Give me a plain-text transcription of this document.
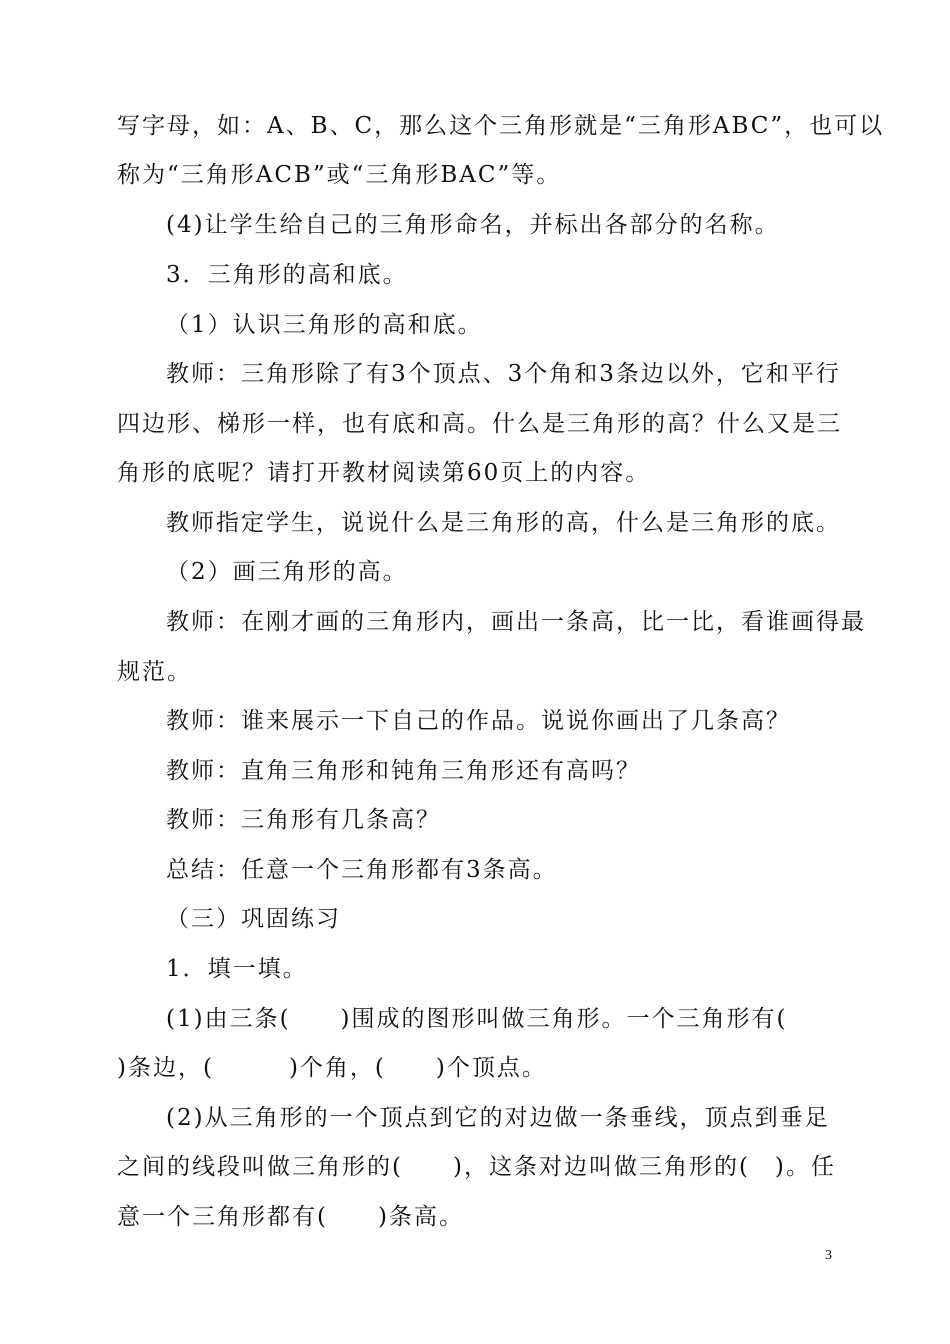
写字母，如：A、B、C，那么这个三角形就是“三角形ABC”，也可以
称为“三角形ACB”或“三角形BAC”等。
(4)让学生给自己的三角形命名，并标出各部分的名称。
3．三角形的高和底。
（1）认识三角形的高和底。
教师：三角形除了有3个顶点、3个角和3条边以外，它和平行
四边形、梯形一样，也有底和高。什么是三角形的高？什么又是三
角形的底呢？请打开教材阅读第60页上的内容。
教师指定学生，说说什么是三角形的高，什么是三角形的底。
（2）画三角形的高。
教师：在刚才画的三角形内，画出一条高，比一比，看谁画得最
规范。
教师：谁来展示一下自己的作品。说说你画出了几条高？
教师：直角三角形和钝角三角形还有高吗？
教师：三角形有几条高？
总结：任意一个三角形都有3条高。
（三）巩固练习
1．填一填。
(1)由三条(　　)围成的图形叫做三角形。一个三角形有(
)条边，(　　　)个角，(　　)个顶点。
(2)从三角形的一个顶点到它的对边做一条垂线，顶点到垂足
之间的线段叫做三角形的(　　)，这条对边叫做三角形的(　)。任
意一个三角形都有(　　)条高。
3
